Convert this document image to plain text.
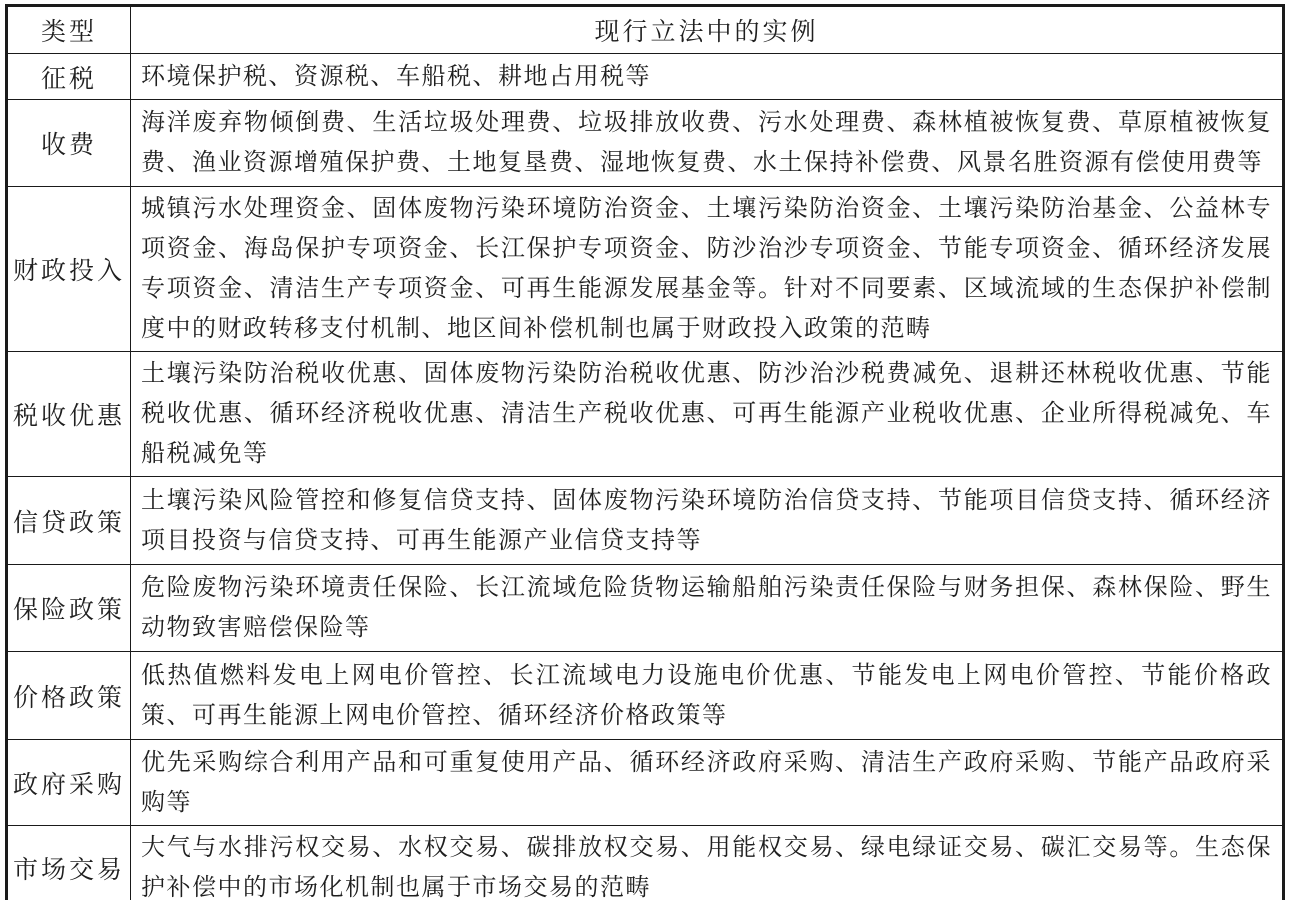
类型	现行立法中的实例
征税	环境保护税、资源税、车船税、耕地占用税等
收费	海洋废弃物倾倒费、生活垃圾处理费、垃圾排放收费、污水处理费、森林植被恢复费、草原植被恢复费、渔业资源增殖保护费、土地复垦费、湿地恢复费、水土保持补偿费、风景名胜资源有偿使用费等
财政投入	城镇污水处理资金、固体废物污染环境防治资金、土壤污染防治资金、土壤污染防治基金、公益林专项资金、海岛保护专项资金、长江保护专项资金、防沙治沙专项资金、节能专项资金、循环经济发展专项资金、清洁生产专项资金、可再生能源发展基金等。针对不同要素、区域流域的生态保护补偿制度中的财政转移支付机制、地区间补偿机制也属于财政投入政策的范畴
税收优惠	土壤污染防治税收优惠、固体废物污染防治税收优惠、防沙治沙税费减免、退耕还林税收优惠、节能税收优惠、循环经济税收优惠、清洁生产税收优惠、可再生能源产业税收优惠、企业所得税减免、车船税减免等
信贷政策	土壤污染风险管控和修复信贷支持、固体废物污染环境防治信贷支持、节能项目信贷支持、循环经济项目投资与信贷支持、可再生能源产业信贷支持等
保险政策	危险废物污染环境责任保险、长江流域危险货物运输船舶污染责任保险与财务担保、森林保险、野生动物致害赔偿保险等
价格政策	低热值燃料发电上网电价管控、长江流域电力设施电价优惠、节能发电上网电价管控、节能价格政策、可再生能源上网电价管控、循环经济价格政策等
政府采购	优先采购综合利用产品和可重复使用产品、循环经济政府采购、清洁生产政府采购、节能产品政府采购等
市场交易	大气与水排污权交易、水权交易、碳排放权交易、用能权交易、绿电绿证交易、碳汇交易等。生态保护补偿中的市场化机制也属于市场交易的范畴
